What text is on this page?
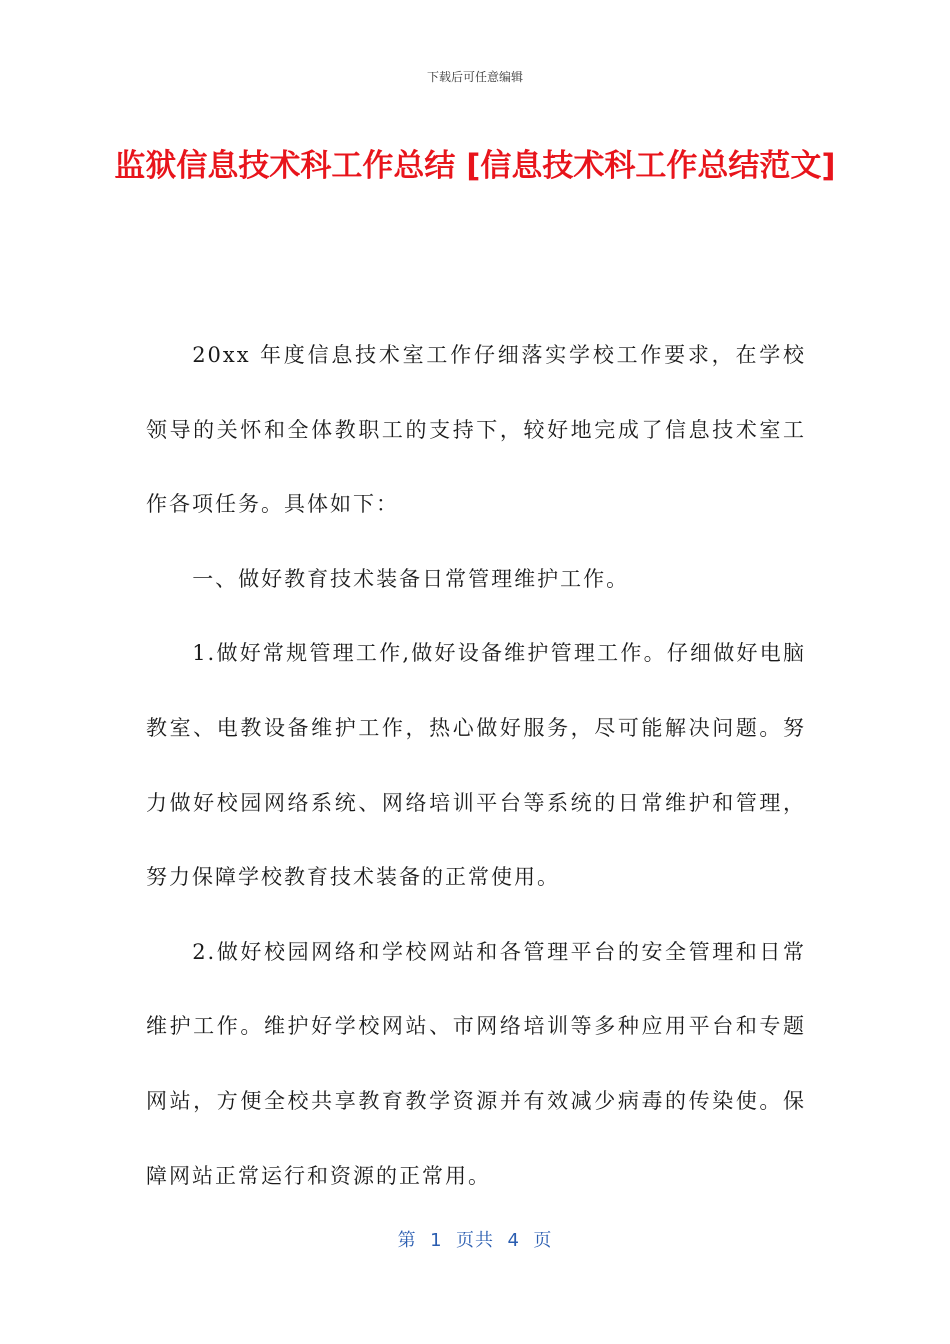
下载后可任意编辑
监狱信息技术科工作总结 [信息技术科工作总结范文]

20xx 年度信息技术室工作仔细落实学校工作要求，在学校领导的关怀和全体教职工的支持下，较好地完成了信息技术室工作各项任务。具体如下：

一、做好教育技术装备日常管理维护工作。

1.做好常规管理工作,做好设备维护管理工作。仔细做好电脑教室、电教设备维护工作，热心做好服务，尽可能解决问题。努力做好校园网络系统、网络培训平台等系统的日常维护和管理，努力保障学校教育技术装备的正常使用。

2.做好校园网络和学校网站和各管理平台的安全管理和日常维护工作。维护好学校网站、市网络培训等多种应用平台和专题网站，方便全校共享教育教学资源并有效减少病毒的传染使。保障网站正常运行和资源的正常用。

第  1  页共  4  页
